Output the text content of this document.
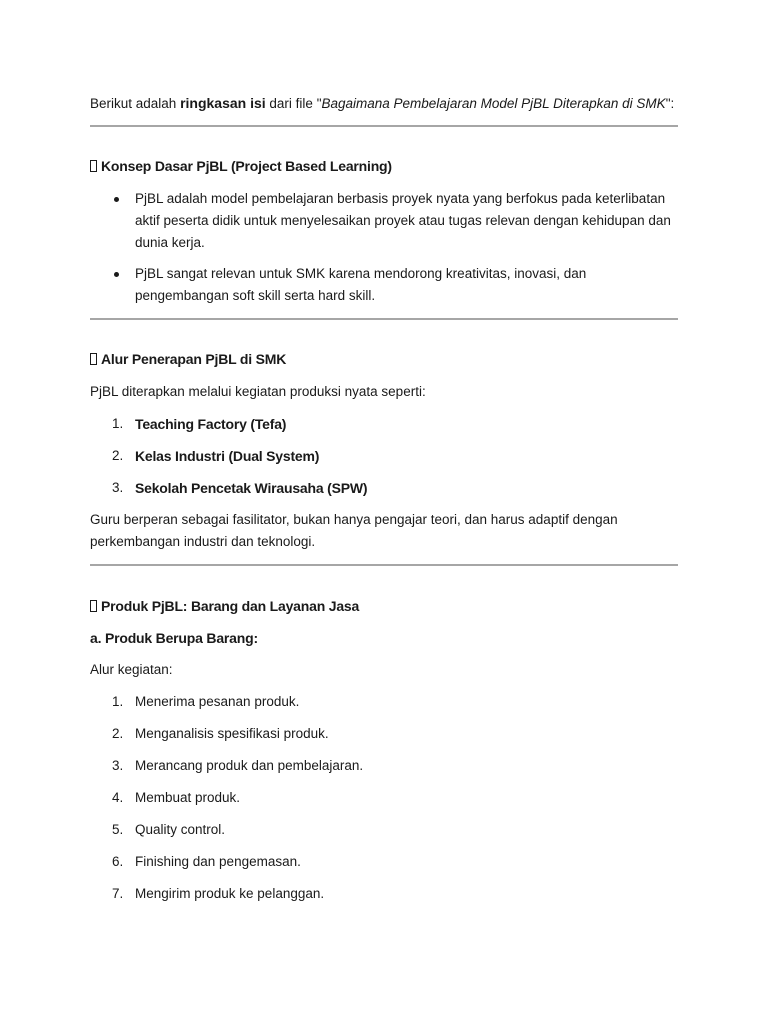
Berikut adalah ringkasan isi dari file "Bagaimana Pembelajaran Model PjBL Diterapkan di SMK":
Konsep Dasar PjBL (Project Based Learning)
PjBL adalah model pembelajaran berbasis proyek nyata yang berfokus pada keterlibatan aktif peserta didik untuk menyelesaikan proyek atau tugas relevan dengan kehidupan dan dunia kerja.
PjBL sangat relevan untuk SMK karena mendorong kreativitas, inovasi, dan pengembangan soft skill serta hard skill.
Alur Penerapan PjBL di SMK
PjBL diterapkan melalui kegiatan produksi nyata seperti:
1. Teaching Factory (Tefa)
2. Kelas Industri (Dual System)
3. Sekolah Pencetak Wirausaha (SPW)
Guru berperan sebagai fasilitator, bukan hanya pengajar teori, dan harus adaptif dengan perkembangan industri dan teknologi.
Produk PjBL: Barang dan Layanan Jasa
a. Produk Berupa Barang:
Alur kegiatan:
1. Menerima pesanan produk.
2. Menganalisis spesifikasi produk.
3. Merancang produk dan pembelajaran.
4. Membuat produk.
5. Quality control.
6. Finishing dan pengemasan.
7. Mengirim produk ke pelanggan.
